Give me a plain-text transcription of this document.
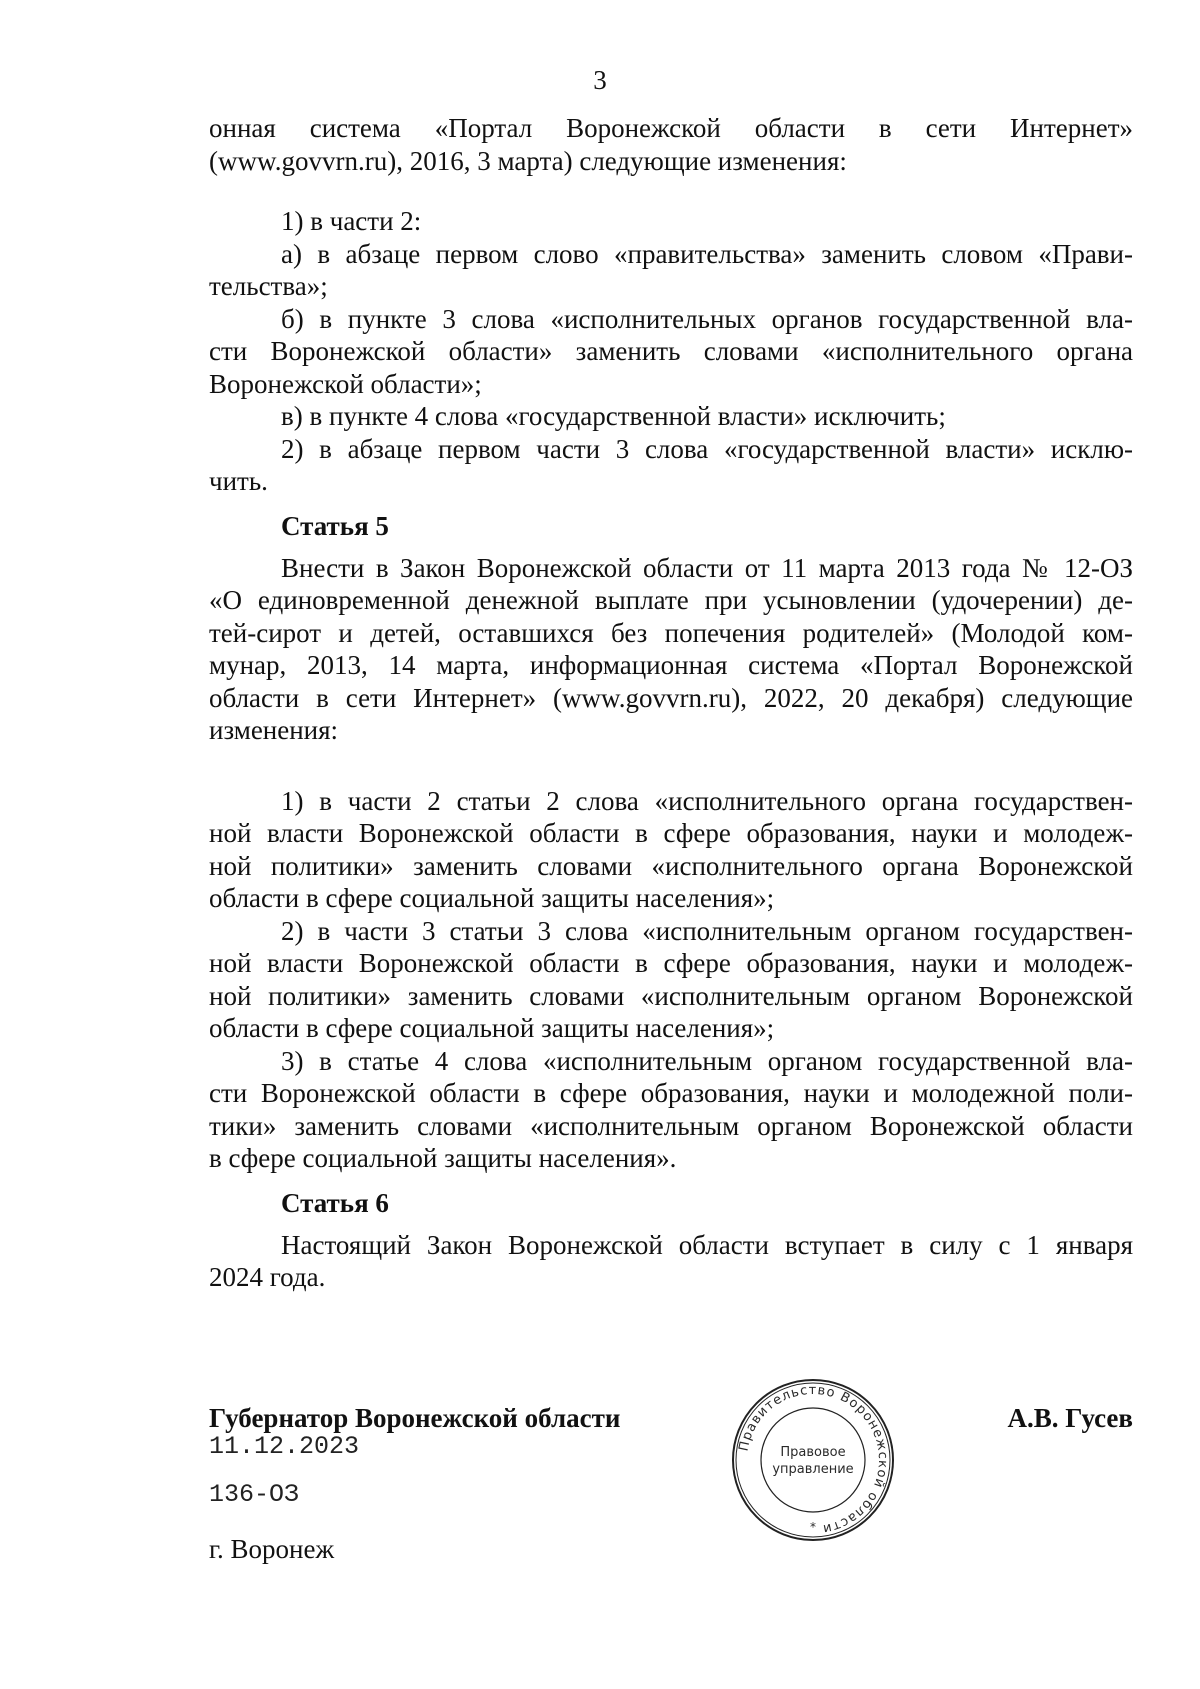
3
онная система «Портал Воронежской области в сети Интернет»
(www.govvrn.ru), 2016, 3 марта) следующие изменения:
1) в части 2:
а) в абзаце первом слово «правительства» заменить словом «Прави-
тельства»;
б) в пункте 3 слова «исполнительных органов государственной вла-
сти Воронежской области» заменить словами «исполнительного органа
Воронежской области»;
в) в пункте 4 слова «государственной власти» исключить;
2) в абзаце первом части 3 слова «государственной власти» исклю-
чить.
Статья 5
Внести в Закон Воронежской области от 11 марта 2013 года № 12-ОЗ
«О единовременной денежной выплате при усыновлении (удочерении) де-
тей-сирот и детей, оставшихся без попечения родителей» (Молодой ком-
мунар, 2013, 14 марта, информационная система «Портал Воронежской
области в сети Интернет» (www.govvrn.ru), 2022, 20 декабря) следующие
изменения:
1) в части 2 статьи 2 слова «исполнительного органа государствен-
ной власти Воронежской области в сфере образования, науки и молодеж-
ной политики» заменить словами «исполнительного органа Воронежской
области в сфере социальной защиты населения»;
2) в части 3 статьи 3 слова «исполнительным органом государствен-
ной власти Воронежской области в сфере образования, науки и молодеж-
ной политики» заменить словами «исполнительным органом Воронежской
области в сфере социальной защиты населения»;
3) в статье 4 слова «исполнительным органом государственной вла-
сти Воронежской области в сфере образования, науки и молодежной поли-
тики» заменить словами «исполнительным органом Воронежской области
в сфере социальной защиты населения».
Статья 6
Настоящий Закон Воронежской области вступает в силу с 1 января
2024 года.
Губернатор Воронежской области	А.В. Гусев
11.12.2023
136-ОЗ
г. Воронеж
Правительство Воронежской области
Правовое
управление
*
